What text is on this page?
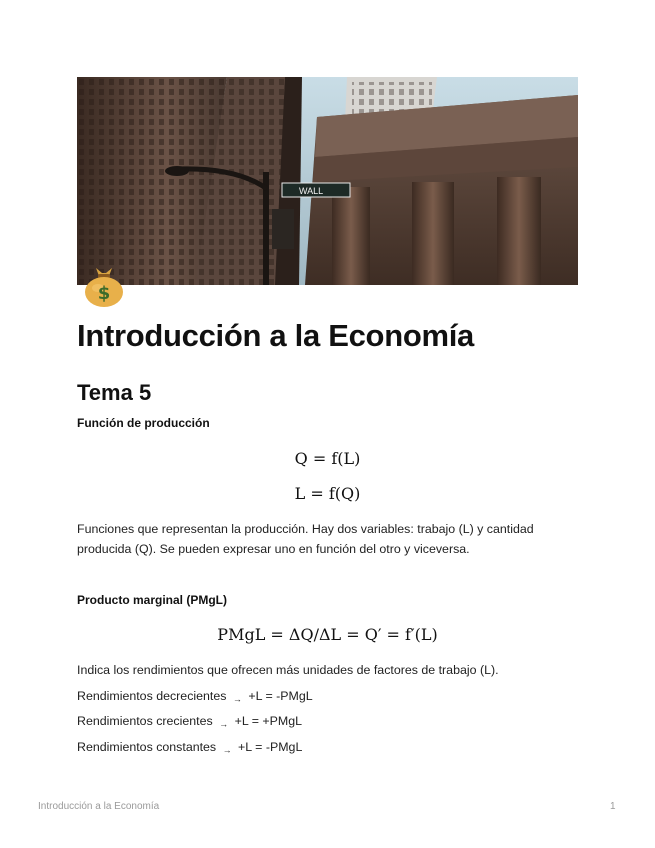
WALL
$
Introducción a la Economía
Tema 5
Función de producción
Q = f(L)
L = f(Q)

Funciones que representan la producción. Hay dos variables: trabajo (L) y cantidad producida (Q). Se pueden expresar uno en función del otro y viceversa.

Producto marginal (PMgL)
PMgL = ΔQ/ΔL = Q′ = f′(L)

Indica los rendimientos que ofrecen más unidades de factores de trabajo (L).

Rendimientos decrecientes → +L = -PMgL

Rendimientos crecientes → +L = +PMgL

Rendimientos constantes → +L = -PMgL

Introducción a la Economía	1
